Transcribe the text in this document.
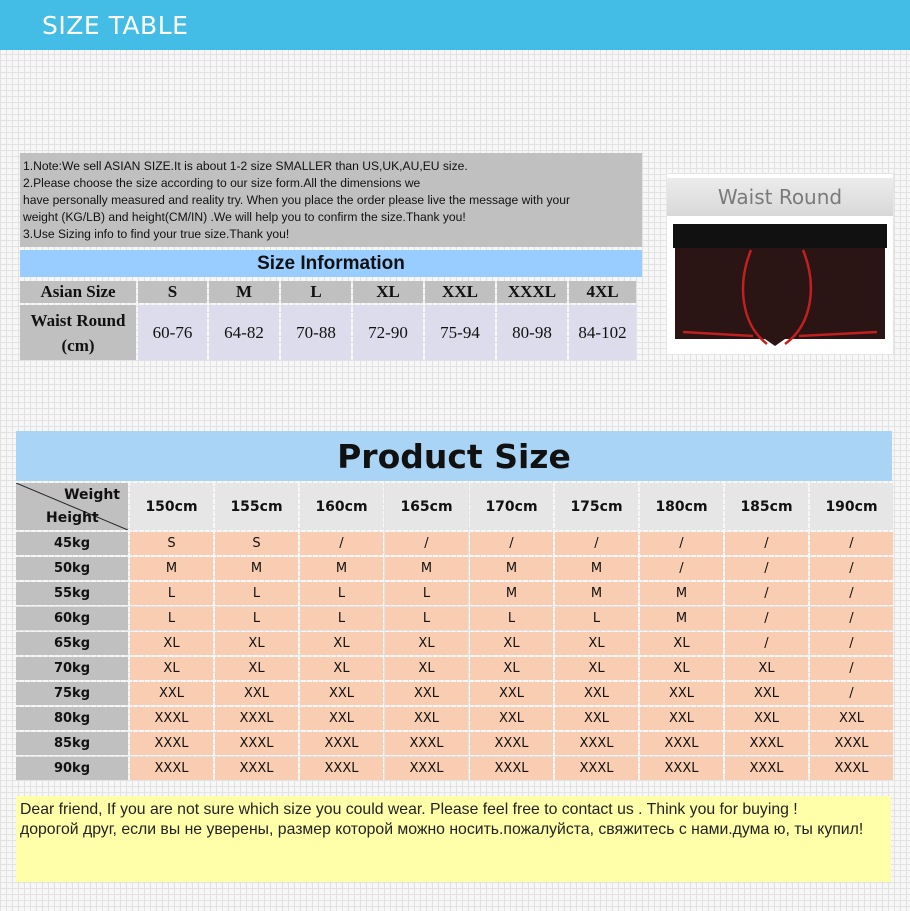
SIZE TABLE
1.Note:We sell ASIAN SIZE.It is about 1-2 size SMALLER than US,UK,AU,EU size.
2.Please choose the size according to our size form.All the dimensions we
have personally measured and reality try. When you place the order please live the message with your
weight (KG/LB) and height(CM/IN) .We will help you to confirm the size.Thank you!
3.Use Sizing info to find your true size.Thank you!
Size Information
Asian Size	S	M	L	XL	XXL	XXXL	4XL

Waist Round
(cm)	60-76	64-82	70-88	72-90	75-94	80-98	84-102
Waist Round
Product Size
Weight
Height	150cm	155cm	160cm	165cm	170cm	175cm	180cm	185cm	190cm
45kg	S	S	/	/	/	/	/	/	/
50kg	M	M	M	M	M	M	/	/	/
55kg	L	L	L	L	M	M	M	/	/
60kg	L	L	L	L	L	L	M	/	/
65kg	XL	XL	XL	XL	XL	XL	XL	/	/
70kg	XL	XL	XL	XL	XL	XL	XL	XL	/
75kg	XXL	XXL	XXL	XXL	XXL	XXL	XXL	XXL	/
80kg	XXXL	XXXL	XXL	XXL	XXL	XXL	XXL	XXL	XXL
85kg	XXXL	XXXL	XXXL	XXXL	XXXL	XXXL	XXXL	XXXL	XXXL
90kg	XXXL	XXXL	XXXL	XXXL	XXXL	XXXL	XXXL	XXXL	XXXL
Dear friend, If you are not sure which size you could wear. Please feel free to contact us . Think you for buying !
дорогой друг, если вы не уверены, размер которой можно носить.пожалуйста, свяжитесь с нами.дума ю, ты купил!
